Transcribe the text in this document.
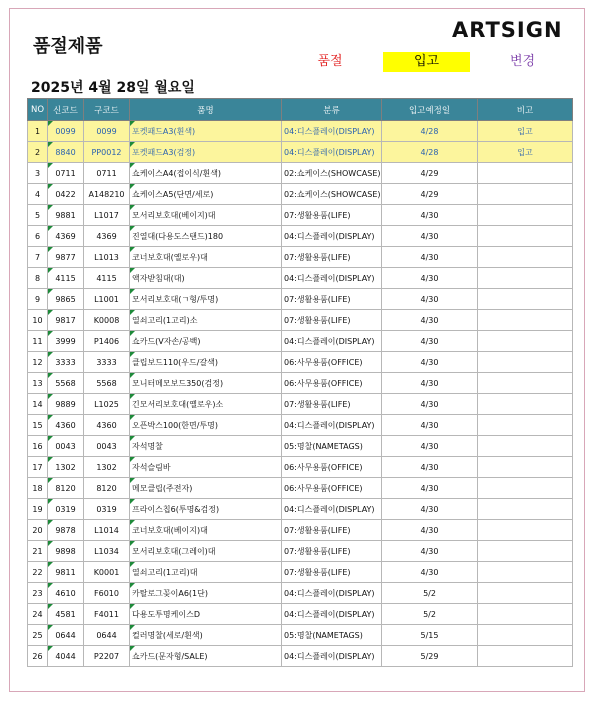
품절제품
ARTSIGN
품절	입고	변경
2025년 4월 28일 월요일
NO	신코드	구코드	품명	분류	입고예정일	비고
1	0099	0099	포켓패드A3(흰색)	04:디스플레이(DISPLAY)	4/28	입고
2	8840	PP0012	포켓패드A3(검정)	04:디스플레이(DISPLAY)	4/28	입고
3	0711	0711	쇼케이스A4(접이식/흰색)	02:쇼케이스(SHOWCASE)	4/29	
4	0422	A148210	쇼케이스A5(단면/세로)	02:쇼케이스(SHOWCASE)	4/29	
5	9881	L1017	모서리보호대(베이지)대	07:생활용품(LIFE)	4/30	
6	4369	4369	진열대(다용도스탠드)180	04:디스플레이(DISPLAY)	4/30	
7	9877	L1013	코너보호대(옐로우)대	07:생활용품(LIFE)	4/30	
8	4115	4115	액자받침대(대)	04:디스플레이(DISPLAY)	4/30	
9	9865	L1001	모서리보호대(ㄱ형/투명)	07:생활용품(LIFE)	4/30	
10	9817	K0008	열쇠고리(1고리)소	07:생활용품(LIFE)	4/30	
11	3999	P1406	쇼카드(V자손/공백)	04:디스플레이(DISPLAY)	4/30	
12	3333	3333	클립보드110(우드/갈색)	06:사무용품(OFFICE)	4/30	
13	5568	5568	모니터메모보드350(검정)	06:사무용품(OFFICE)	4/30	
14	9889	L1025	긴모서리보호대(옐로우)소	07:생활용품(LIFE)	4/30	
15	4360	4360	오픈박스100(한면/투명)	04:디스플레이(DISPLAY)	4/30	
16	0043	0043	자석명찰	05:명찰(NAMETAGS)	4/30	
17	1302	1302	자석슬림바	06:사무용품(OFFICE)	4/30	
18	8120	8120	메모클립(주전자)	06:사무용품(OFFICE)	4/30	
19	0319	0319	프라이스칩6(투명&검정)	04:디스플레이(DISPLAY)	4/30	
20	9878	L1014	코너보호대(베이지)대	07:생활용품(LIFE)	4/30	
21	9898	L1034	모서리보호대(그레이)대	07:생활용품(LIFE)	4/30	
22	9811	K0001	열쇠고리(1고리)대	07:생활용품(LIFE)	4/30	
23	4610	F6010	카탈로그꽂이A6(1단)	04:디스플레이(DISPLAY)	5/2	
24	4581	F4011	다용도투명케이스D	04:디스플레이(DISPLAY)	5/2	
25	0644	0644	컬러명찰(세로/흰색)	05:명찰(NAMETAGS)	5/15	
26	4044	P2207	쇼카드(문자형/SALE)	04:디스플레이(DISPLAY)	5/29	
